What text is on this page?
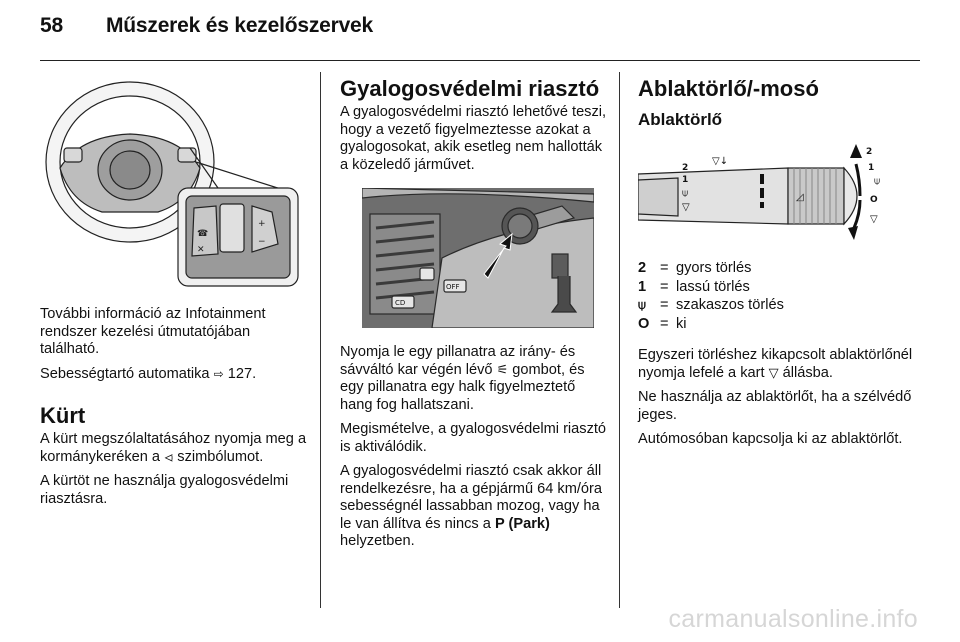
58 Műszerek és kezelőszervek
☎
✕
+
−

További információ az Infotainment rendszer kezelési útmutatójában található.

Sebességtartó automatika ⇨ 127.

Kürt

A kürt megszólaltatásához nyomja meg a kormánykeréken a ⏿ szimbólumot.

A kürtöt ne használja gyalogosvédelmi riasztásra.

Gyalogosvédelmi riasztó

A gyalogosvédelmi riasztó lehetővé teszi, hogy a vezető figyelmeztesse azokat a gyalogosokat, akik esetleg nem hallották a közeledő járművet.

OFF
CD

Nyomja le egy pillanatra az irány- és sávváltó kar végén lévő ⚟ gombot, és egy pillanatra egy halk figyelmeztető hang fog hallatszani.

Megismételve, a gyalogosvédelmi riasztó is aktiválódik.

A gyalogosvédelmi riasztó csak akkor áll rendelkezésre, ha a gépjármű 64 km/óra sebességnél lassabban mozog, vagy ha le van állítva és nincs a P (Park) helyzetben.

Ablaktörlő/-mosó
Ablaktörlő
2
1
O
2
1	⍦
▽
▽↓
⍦
▽
◿
2 = gyors törlés
1 = lassú törlés
⍦ = szakaszos törlés
O = ki

Egyszeri törléshez kikapcsolt ablaktörlőnél nyomja lefelé a kart ▽ állásba.

Ne használja az ablaktörlőt, ha a szélvédő jeges.

Autómosóban kapcsolja ki az ablaktörlőt.

carmanualsonline.info
